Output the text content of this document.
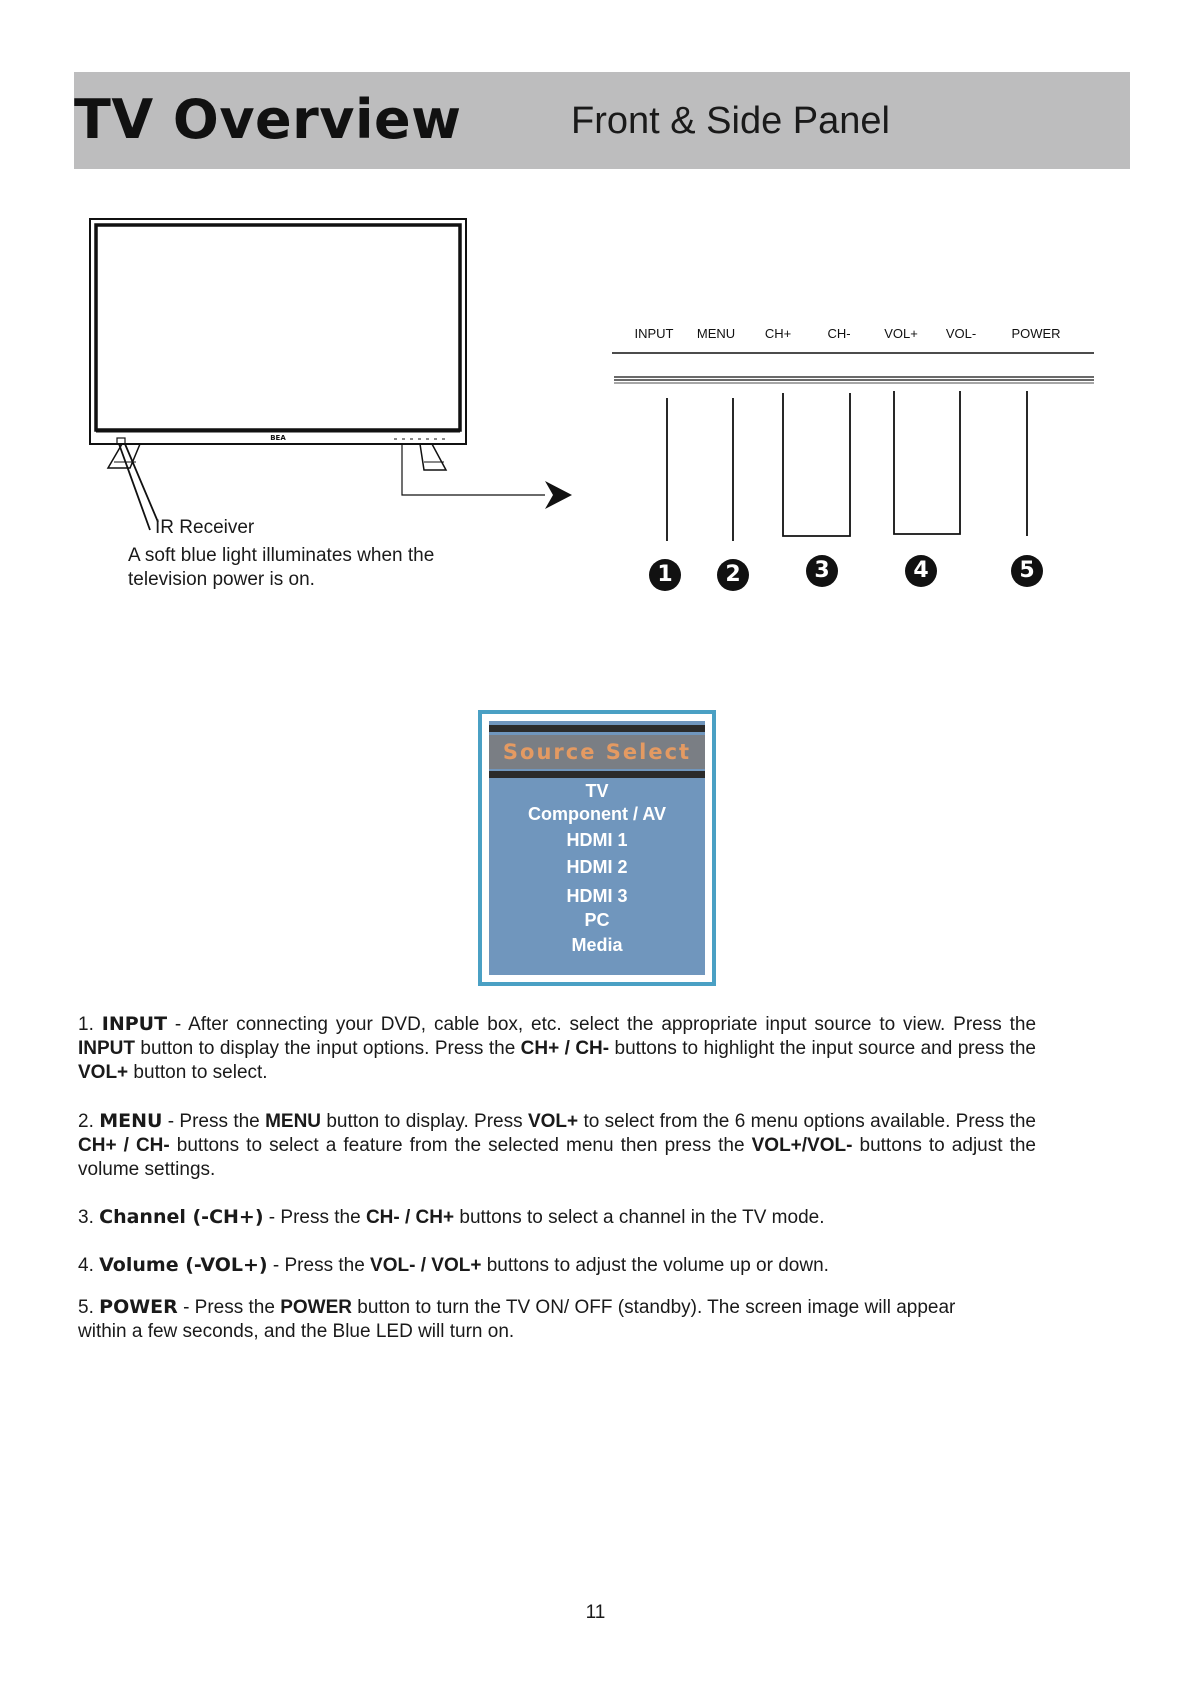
TV Overview	Front & Side Panel
BEA
INPUT MENU CH+	CH-	VOL+ VOL-	POWER
1	2	3	4	5
IR Receiver
A soft blue light illuminates when the
television power is on.
Source Select
TV
Component / AV
HDMI 1
HDMI 2
HDMI 3
PC
Media
1. INPUT - After connecting your DVD, cable box, etc. select the appropriate input source to view. Press the INPUT button to display the input options. Press the CH+ / CH- buttons to highlight the input source and press the VOL+ button to select.
2. MENU - Press the MENU button to display. Press VOL+ to select from the 6 menu options available. Press the CH+ / CH- buttons to select a feature from the selected menu then press the VOL+/VOL- buttons to adjust the volume settings.
3. Channel (-CH+) - Press the CH- / CH+ buttons to select a channel in the TV mode.
4. Volume (-VOL+) - Press the VOL- / VOL+ buttons to adjust the volume up or down.
5. POWER - Press the POWER button to turn the TV ON/ OFF (standby). The screen image will appear within a few seconds, and the Blue LED will turn on.
11
